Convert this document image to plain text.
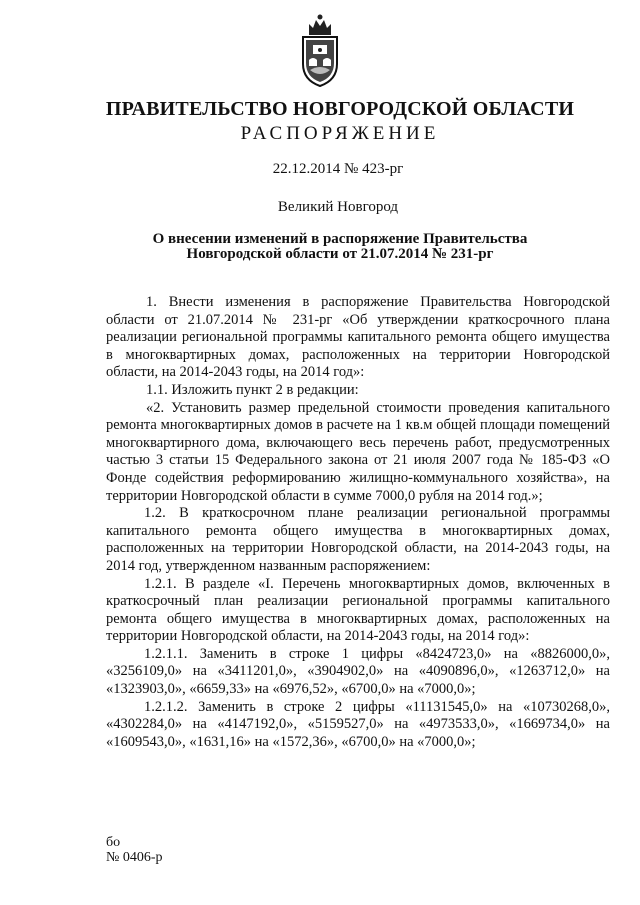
ПРАВИТЕЛЬСТВО НОВГОРОДСКОЙ ОБЛАСТИ
РАСПОРЯЖЕНИЕ
22.12.2014 № 423-рг
Великий Новгород
О внесении изменений в распоряжение Правительства
Новгородской области от 21.07.2014 № 231-рг

1. Внести изменения в распоряжение Правительства Новгородской области от 21.07.2014 № 231-рг «Об утверждении краткосрочного плана реализации региональной программы капитального ремонта общего имущества в многоквартирных домах, расположенных на территории Новгородской области, на 2014-2043 годы, на 2014 год»:

1.1. Изложить пункт 2 в редакции:

«2. Установить размер предельной стоимости проведения капитального ремонта многоквартирных домов в расчете на 1 кв.м общей площади помещений многоквартирного дома, включающего весь перечень работ, предусмотренных частью 3 статьи 15 Федерального закона от 21 июля 2007 года № 185-ФЗ «О Фонде содействия реформированию жилищно-коммунального хозяйства», на территории Новгородской области в сумме 7000,0 рубля на 2014 год.»;

1.2. В краткосрочном плане реализации региональной программы капитального ремонта общего имущества в многоквартирных домах, расположенных на территории Новгородской области, на 2014-2043 годы, на 2014 год, утвержденном названным распоряжением:

1.2.1. В разделе «I. Перечень многоквартирных домов, включенных в краткосрочный план реализации региональной программы капитального ремонта общего имущества в многоквартирных домах, расположенных на территории Новгородской области, на 2014-2043 годы, на 2014 год»:

1.2.1.1. Заменить в строке 1 цифры «8424723,0» на «8826000,0», «3256109,0» на «3411201,0», «3904902,0» на «4090896,0», «1263712,0» на «1323903,0», «6659,33» на «6976,52», «6700,0» на «7000,0»;

1.2.1.2. Заменить в строке 2 цифры «11131545,0» на «10730268,0», «4302284,0» на «4147192,0», «5159527,0» на «4973533,0», «1669734,0» на «1609543,0», «1631,16» на «1572,36», «6700,0» на «7000,0»;

бо
№ 0406-р
